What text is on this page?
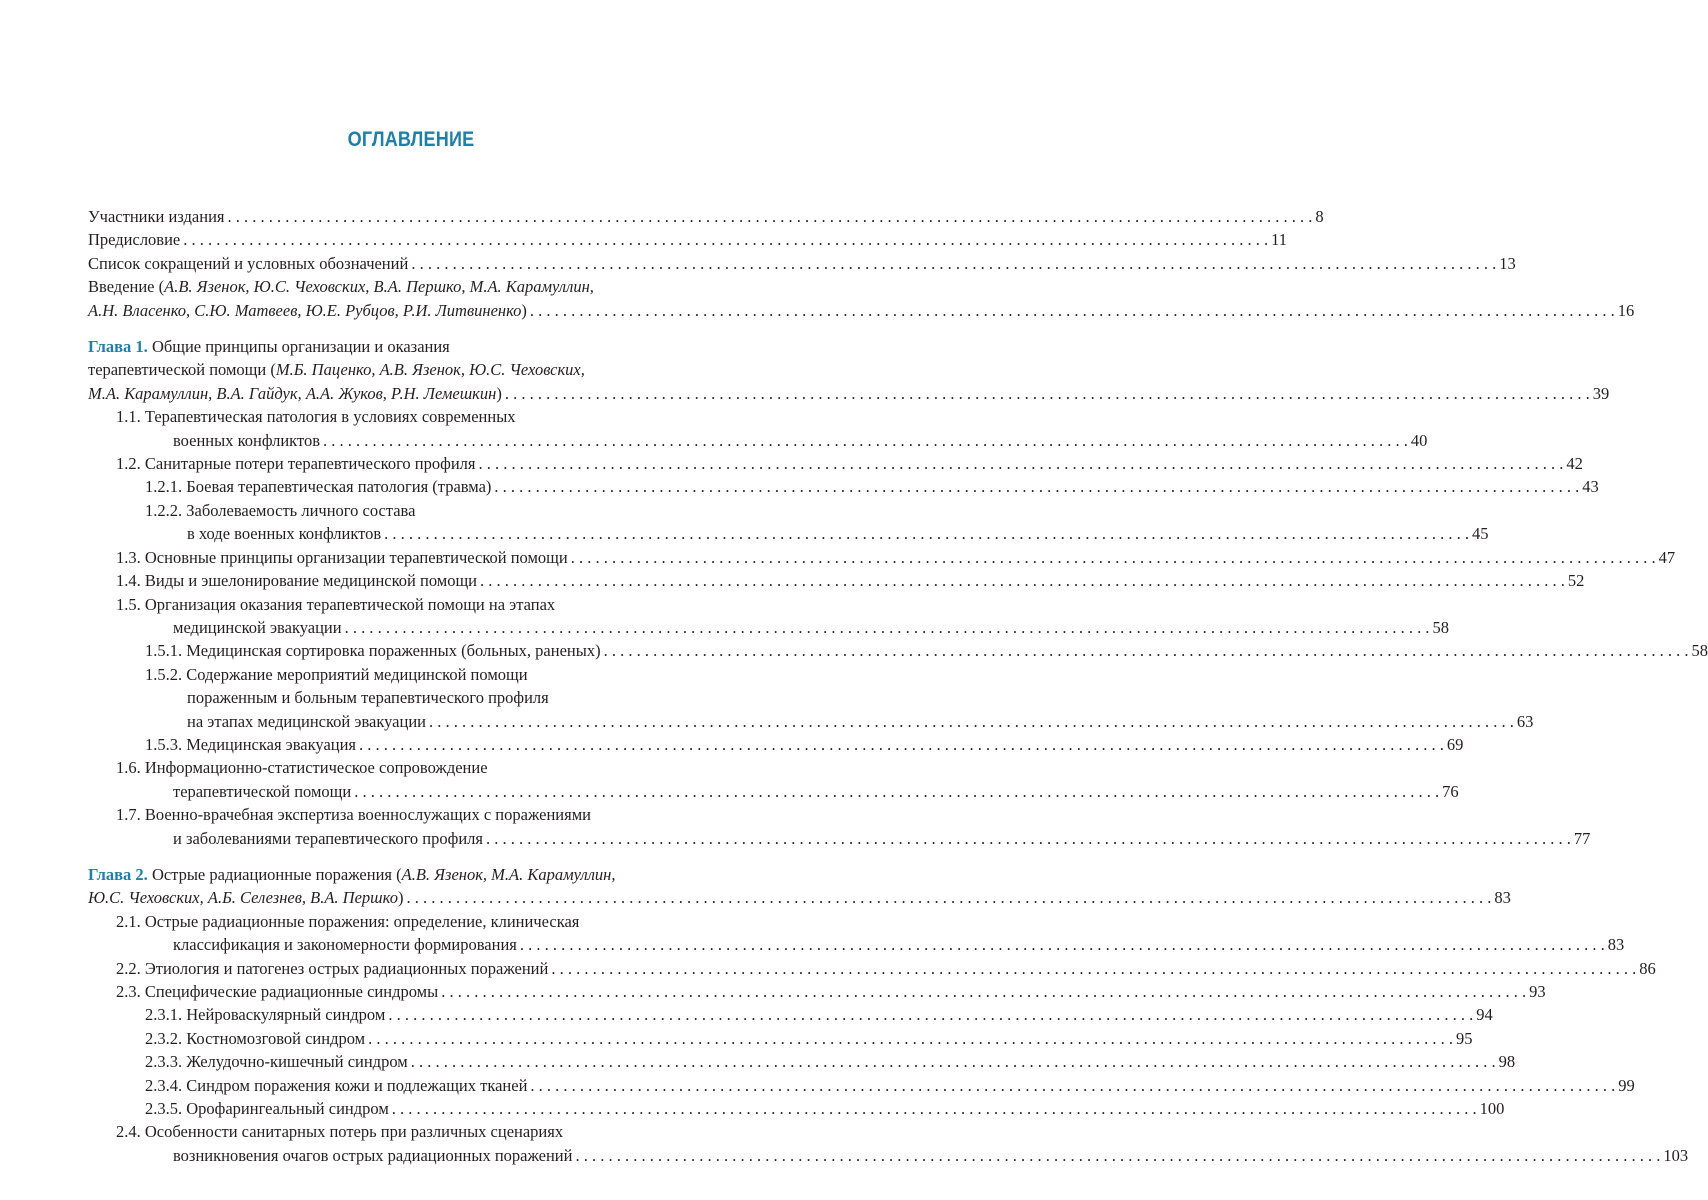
ОГЛАВЛЕНИЕ
Участники издания . . .	8
Предисловие . . .	11
Список сокращений и условных обозначений . . .	13
Введение (А.В. Язенок, Ю.С. Чеховских, В.А. Першко, М.А. Карамуллин,
А.Н. Власенко, С.Ю. Матвеев, Ю.Е. Рубцов, Р.И. Литвиненко) . . .	16
Глава 1. Общие принципы организации и оказания
терапевтической помощи (М.Б. Паценко, А.В. Язенок, Ю.С. Чеховских,
М.А. Карамуллин, В.А. Гайдук, А.А. Жуков, Р.Н. Лемешкин) . . .	39
1.1. Терапевтическая патология в условиях современных
военных конфликтов . . .	40
1.2. Санитарные потери терапевтического профиля . . .	42
1.2.1. Боевая терапевтическая патология (травма) . . .	43
1.2.2. Заболеваемость личного состава
в ходе военных конфликтов . . .	45
1.3. Основные принципы организации терапевтической помощи . . .	47
1.4. Виды и эшелонирование медицинской помощи . . .	52
1.5. Организация оказания терапевтической помощи на этапах
медицинской эвакуации . . .	58
1.5.1. Медицинская сортировка пораженных (больных, раненых) . . .	58
1.5.2. Содержание мероприятий медицинской помощи
пораженным и больным терапевтического профиля
на этапах медицинской эвакуации . . .	63
1.5.3. Медицинская эвакуация . . .	69
1.6. Информационно-статистическое сопровождение
терапевтической помощи . . .	76
1.7. Военно-врачебная экспертиза военнослужащих с поражениями
и заболеваниями терапевтического профиля . . .	77
Глава 2. Острые радиационные поражения (А.В. Язенок, М.А. Карамуллин,
Ю.С. Чеховских, А.Б. Селезнев, В.А. Першко) . . .	83
2.1. Острые радиационные поражения: определение, клиническая
классификация и закономерности формирования . . .	83
2.2. Этиология и патогенез острых радиационных поражений . . .	86
2.3. Специфические радиационные синдромы . . .	93
2.3.1. Нейроваскулярный синдром . . .	94
2.3.2. Костномозговой синдром . . .	95
2.3.3. Желудочно-кишечный синдром . . .	98
2.3.4. Синдром поражения кожи и подлежащих тканей . . .	99
2.3.5. Орофарингеальный синдром . . .	100
2.4. Особенности санитарных потерь при различных сценариях
возникновения очагов острых радиационных поражений . . .	103
